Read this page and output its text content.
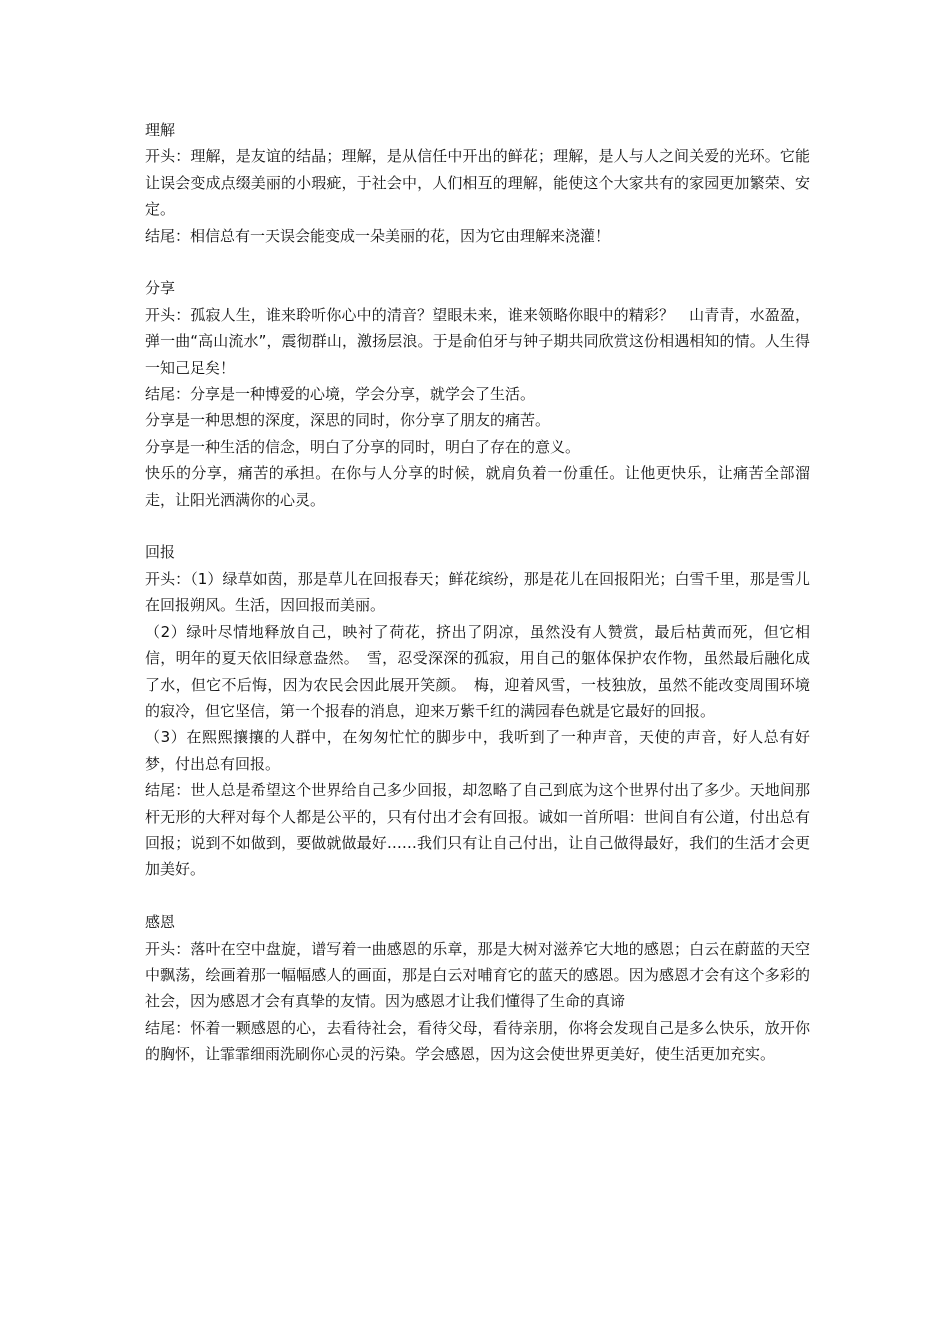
理解

开头：理解，是友谊的结晶；理解，是从信任中开出的鲜花；理解，是人与人之间关爱的光环。它能让误会变成点缀美丽的小瑕疵，于社会中，人们相互的理解，能使这个大家共有的家园更加繁荣、安定。

结尾：相信总有一天误会能变成一朵美丽的花，因为它由理解来浇灌！

分享

开头：孤寂人生，谁来聆听你心中的清音？望眼未来，谁来领略你眼中的精彩？　山青青，水盈盈，弹一曲“高山流水”，震彻群山，激扬层浪。于是俞伯牙与钟子期共同欣赏这份相遇相知的情。人生得一知己足矣！

结尾：分享是一种博爱的心境，学会分享，就学会了生活。

分享是一种思想的深度，深思的同时，你分享了朋友的痛苦。

分享是一种生活的信念，明白了分享的同时，明白了存在的意义。

快乐的分享，痛苦的承担。在你与人分享的时候，就肩负着一份重任。让他更快乐，让痛苦全部溜走，让阳光洒满你的心灵。

回报

开头：（1）绿草如茵，那是草儿在回报春天；鲜花缤纷，那是花儿在回报阳光；白雪千里，那是雪儿在回报朔风。生活，因回报而美丽。

（2）绿叶尽情地释放自己，映衬了荷花，挤出了阴凉，虽然没有人赞赏，最后枯黄而死，但它相信，明年的夏天依旧绿意盎然。　雪，忍受深深的孤寂，用自己的躯体保护农作物，虽然最后融化成了水，但它不后悔，因为农民会因此展开笑颜。　梅，迎着风雪，一枝独放，虽然不能改变周围环境的寂冷，但它坚信，第一个报春的消息，迎来万紫千红的满园春色就是它最好的回报。

（3）在熙熙攘攘的人群中，在匆匆忙忙的脚步中，我听到了一种声音，天使的声音，好人总有好梦，付出总有回报。

结尾：世人总是希望这个世界给自己多少回报，却忽略了自己到底为这个世界付出了多少。天地间那杆无形的大秤对每个人都是公平的，只有付出才会有回报。诚如一首所唱：世间自有公道，付出总有回报；说到不如做到，要做就做最好……我们只有让自己付出，让自己做得最好，我们的生活才会更加美好。

感恩

开头：落叶在空中盘旋，谱写着一曲感恩的乐章，那是大树对滋养它大地的感恩；白云在蔚蓝的天空中飘荡，绘画着那一幅幅感人的画面，那是白云对哺育它的蓝天的感恩。因为感恩才会有这个多彩的社会，因为感恩才会有真挚的友情。因为感恩才让我们懂得了生命的真谛

结尾：怀着一颗感恩的心，去看待社会，看待父母，看待亲朋，你将会发现自己是多么快乐，放开你的胸怀，让霏霏细雨洗刷你心灵的污染。学会感恩，因为这会使世界更美好，使生活更加充实。
